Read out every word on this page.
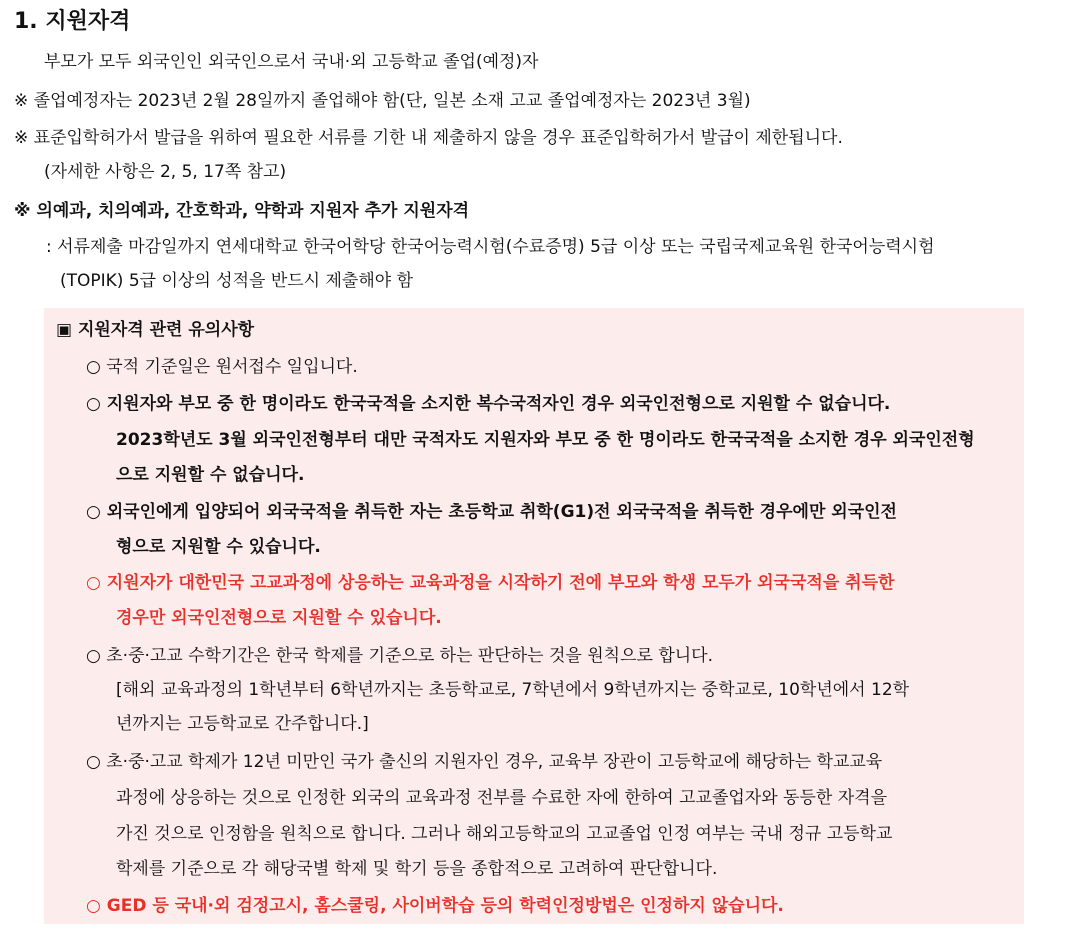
1. 지원자격
부모가 모두 외국인인 외국인으로서 국내·외 고등학교 졸업(예정)자
※ 졸업예정자는 2023년 2월 28일까지 졸업해야 함(단, 일본 소재 고교 졸업예정자는 2023년 3월)
※ 표준입학허가서 발급을 위하여 필요한 서류를 기한 내 제출하지 않을 경우 표준입학허가서 발급이 제한됩니다.
(자세한 사항은 2, 5, 17쪽 참고)
※ 의예과, 치의예과, 간호학과, 약학과 지원자 추가 지원자격
: 서류제출 마감일까지 연세대학교 한국어학당 한국어능력시험(수료증명) 5급 이상 또는 국립국제교육원 한국어능력시험
(TOPIK) 5급 이상의 성적을 반드시 제출해야 함
▣ 지원자격 관련 유의사항
○ 국적 기준일은 원서접수 일입니다.
○ 지원자와 부모 중 한 명이라도 한국국적을 소지한 복수국적자인 경우 외국인전형으로 지원할 수 없습니다.
2023학년도 3월 외국인전형부터 대만 국적자도 지원자와 부모 중 한 명이라도 한국국적을 소지한 경우 외국인전형
으로 지원할 수 없습니다.
○ 외국인에게 입양되어 외국국적을 취득한 자는 초등학교 취학(G1)전 외국국적을 취득한 경우에만 외국인전
형으로 지원할 수 있습니다.
○ 지원자가 대한민국 고교과정에 상응하는 교육과정을 시작하기 전에 부모와 학생 모두가 외국국적을 취득한
경우만 외국인전형으로 지원할 수 있습니다.
○ 초·중·고교 수학기간은 한국 학제를 기준으로 하는 판단하는 것을 원칙으로 합니다.
[해외 교육과정의 1학년부터 6학년까지는 초등학교로, 7학년에서 9학년까지는 중학교로, 10학년에서 12학
년까지는 고등학교로 간주합니다.]
○ 초·중·고교 학제가 12년 미만인 국가 출신의 지원자인 경우, 교육부 장관이 고등학교에 해당하는 학교교육
과정에 상응하는 것으로 인정한 외국의 교육과정 전부를 수료한 자에 한하여 고교졸업자와 동등한 자격을
가진 것으로 인정함을 원칙으로 합니다. 그러나 해외고등학교의 고교졸업 인정 여부는 국내 정규 고등학교
학제를 기준으로 각 해당국별 학제 및 학기 등을 종합적으로 고려하여 판단합니다.
○ GED 등 국내·외 검정고시, 홈스쿨링, 사이버학습 등의 학력인정방법은 인정하지 않습니다.
